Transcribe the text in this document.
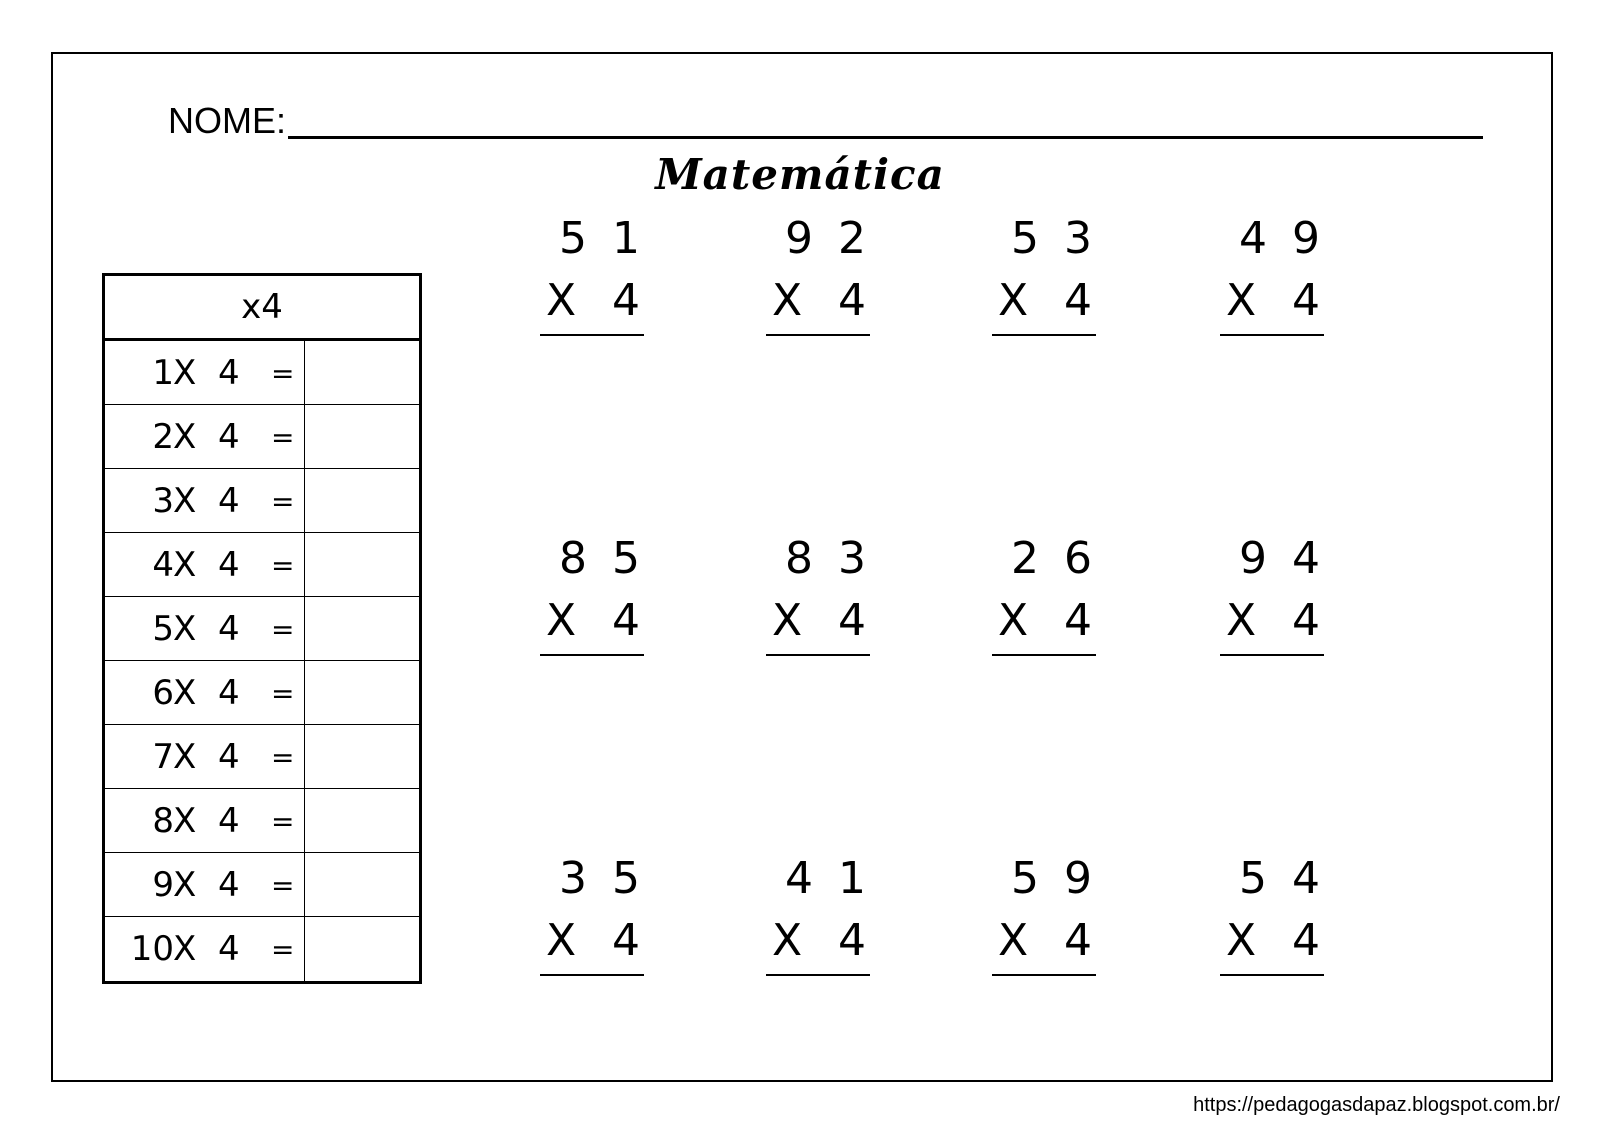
NOME:
Matemática
x4
1 X 4 =
2 X 4 =
3 X 4 =
4 X 4 =
5 X 4 =
6 X 4 =
7 X 4 =
8 X 4 =
9 X 4 =
10 X 4 =
5 1
X 4
9 2
X 4
5 3
X 4
4 9
X 4
8 5
X 4
8 3
X 4
2 6
X 4
9 4
X 4
3 5
X 4
4 1
X 4
5 9
X 4
5 4
X 4
https://pedagogasdapaz.blogspot.com.br/
